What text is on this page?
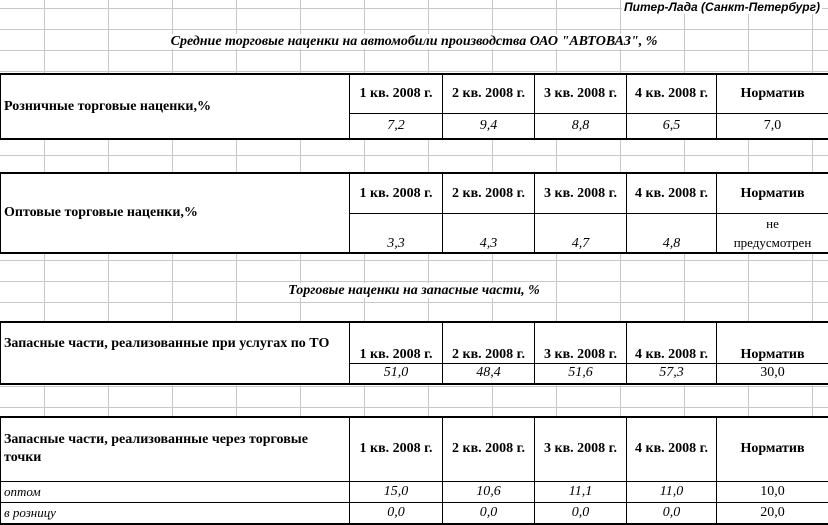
Питер-Лада (Санкт-Петербург)
Средние торговые наценки на автомобили производства ОАО "АВТОВАЗ", %
Розничные торговые наценки,%	1 кв. 2008 г.	2 кв. 2008 г.	3 кв. 2008 г.	4 кв. 2008 г.	Норматив
	7,2	9,4	8,8	6,5	7,0
Оптовые торговые наценки,%	1 кв. 2008 г.	2 кв. 2008 г.	3 кв. 2008 г.	4 кв. 2008 г.	Норматив
	3,3	4,3	4,7	4,8	не
предусмотрен
Торговые наценки на запасные части, %
Запасные части, реализованные при услугах по ТО	1 кв. 2008 г.	2 кв. 2008 г.	3 кв. 2008 г.	4 кв. 2008 г.	Норматив
	51,0	48,4	51,6	57,3	30,0
Запасные части, реализованные через торговые точки	1 кв. 2008 г.	2 кв. 2008 г.	3 кв. 2008 г.	4 кв. 2008 г.	Норматив
оптом	15,0	10,6	11,1	11,0	10,0
в розницу	0,0	0,0	0,0	0,0	20,0
